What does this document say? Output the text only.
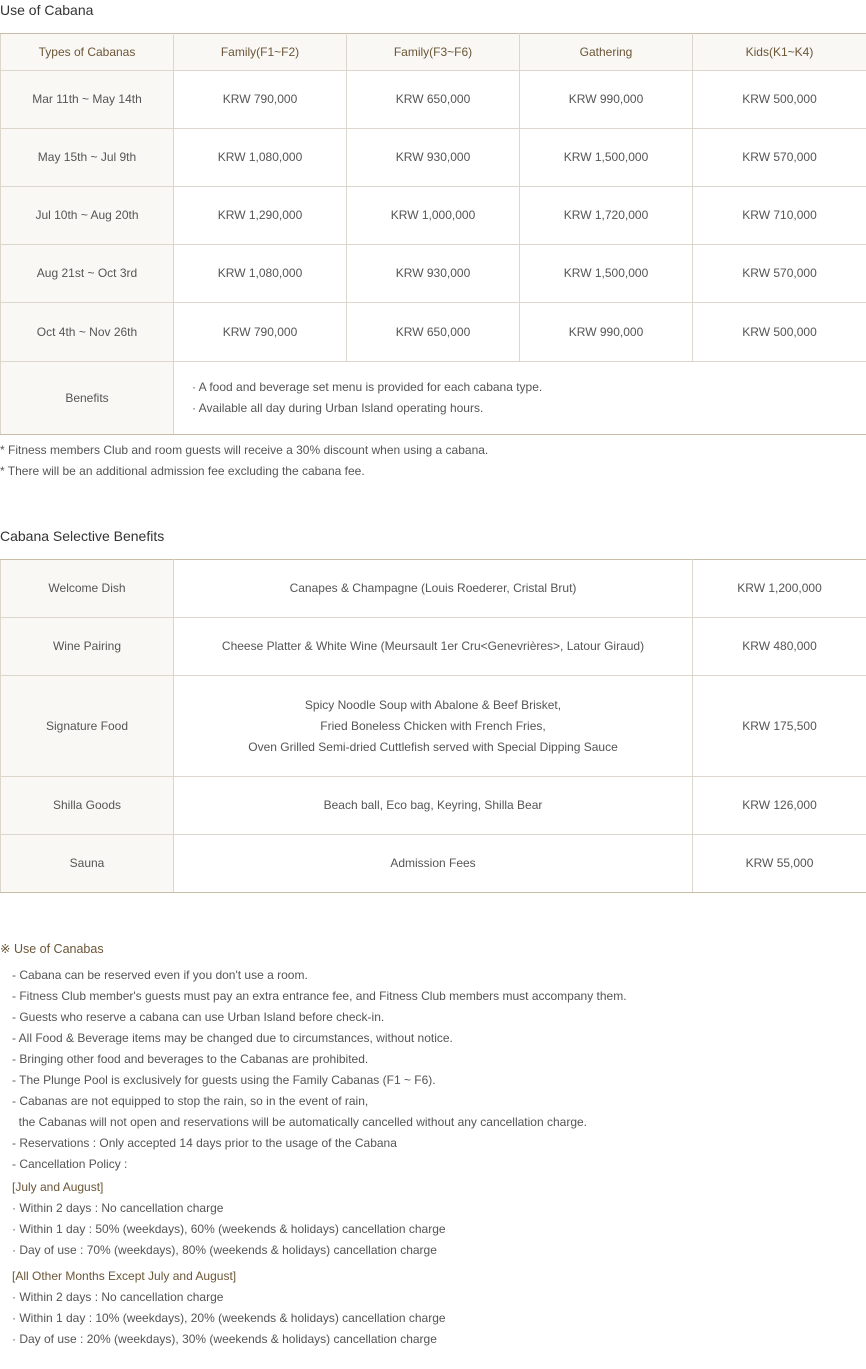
Use of Cabana
Types of Cabanas	Family(F1~F2)	Family(F3~F6)	Gathering	Kids(K1~K4)
Mar 11th ~ May 14th	KRW 790,000	KRW 650,000	KRW 990,000	KRW 500,000
May 15th ~ Jul 9th	KRW 1,080,000	KRW 930,000	KRW 1,500,000	KRW 570,000
Jul 10th ~ Aug 20th	KRW 1,290,000	KRW 1,000,000	KRW 1,720,000	KRW 710,000
Aug 21st ~ Oct 3rd	KRW 1,080,000	KRW 930,000	KRW 1,500,000	KRW 570,000
Oct 4th ~ Nov 26th	KRW 790,000	KRW 650,000	KRW 990,000	KRW 500,000
Benefits	· A food and beverage set menu is provided for each cabana type.
· Available all day during Urban Island operating hours.			

* Fitness members Club and room guests will receive a 30% discount when using a cabana.

* There will be an additional admission fee excluding the cabana fee.

Cabana Selective Benefits
Welcome Dish	Canapes & Champagne (Louis Roederer, Cristal Brut)	KRW 1,200,000
Wine Pairing	Cheese Platter & White Wine (Meursault 1er Cru<Genevrières>, Latour Giraud)	KRW 480,000
Signature Food	Spicy Noodle Soup with Abalone & Beef Brisket,
Fried Boneless Chicken with French Fries,
Oven Grilled Semi-dried Cuttlefish served with Special Dipping Sauce	KRW 175,500
Shilla Goods	Beach ball, Eco bag, Keyring, Shilla Bear	KRW 126,000
Sauna	Admission Fees	KRW 55,000
※ Use of Canabas

- Cabana can be reserved even if you don't use a room.

- Fitness Club member's guests must pay an extra entrance fee, and Fitness Club members must accompany them.

- Guests who reserve a cabana can use Urban Island before check-in.

- All Food & Beverage items may be changed due to circumstances, without notice.

- Bringing other food and beverages to the Cabanas are prohibited.

- The Plunge Pool is exclusively for guests using the Family Cabanas (F1 ~ F6).

- Cabanas are not equipped to stop the rain, so in the event of rain,

the Cabanas will not open and reservations will be automatically cancelled without any cancellation charge.

- Reservations : Only accepted 14 days prior to the usage of the Cabana

- Cancellation Policy :

[July and August]

· Within 2 days : No cancellation charge

· Within 1 day : 50% (weekdays), 60% (weekends & holidays) cancellation charge

· Day of use : 70% (weekdays), 80% (weekends & holidays) cancellation charge

[All Other Months Except July and August]

· Within 2 days : No cancellation charge

· Within 1 day : 10% (weekdays), 20% (weekends & holidays) cancellation charge

· Day of use : 20% (weekdays), 30% (weekends & holidays) cancellation charge
